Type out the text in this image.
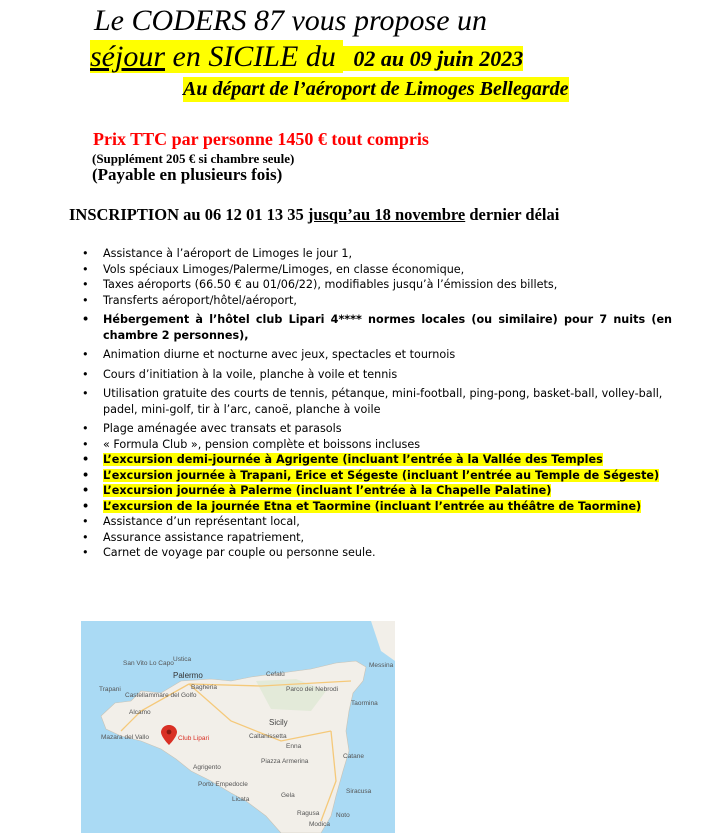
Le CODERS 87 vous propose un
séjour en SICILE du 02 au 09 juin 2023
Au départ de l’aéroport de Limoges Bellegarde
Prix TTC par personne 1450 € tout compris
(Supplément 205 € si chambre seule)
(Payable en plusieurs fois)
INSCRIPTION au 06 12 01 13 35 jusqu’au 18 novembre dernier délai
• Assistance à l’aéroport de Limoges le jour 1,
• Vols spéciaux Limoges/Palerme/Limoges, en classe économique,
• Taxes aéroports (66.50 € au 01/06/22), modifiables jusqu’à l’émission des billets,
• Transferts aéroport/hôtel/aéroport,
• Hébergement à l’hôtel club Lipari 4**** normes locales (ou similaire) pour 7 nuits (en chambre 2 personnes),
• Animation diurne et nocturne avec jeux, spectacles et tournois
• Cours d’initiation à la voile, planche à voile et tennis
• Utilisation gratuite des courts de tennis, pétanque, mini-football, ping-pong, basket-ball, volley-ball, padel, mini-golf, tir à l’arc, canoë, planche à voile
• Plage aménagée avec transats et parasols
• « Formula Club », pension complète et boissons incluses
• L’excursion demi-journée à Agrigente (incluant l’entrée à la Vallée des Temples
• L’excursion journée à Trapani, Erice et Ségeste (incluant l’entrée au Temple de Ségeste)
• L’excursion journée à Palerme (incluant l’entrée à la Chapelle Palatine)
• L’excursion de la journée Etna et Taormine (incluant l’entrée au théâtre de Taormine)
• Assistance d’un représentant local,
• Assurance assistance rapatriement,
• Carnet de voyage par couple ou personne seule.
San Vito Lo Capo
Ustica
Messina
Palermo	Cefalù
Bagheria
Trapani
Castellammare del Golfo
Parco dei Nebrodi
Taormina
Alcamo
Mazara del Vallo	Club Lipari
Sicily
Caltanissetta
Catane
Agrigento
Enna
Piazza Armerina
Porto Empedocle
Gela
Licata
Ragusa
Siracusa
Modica
Noto
